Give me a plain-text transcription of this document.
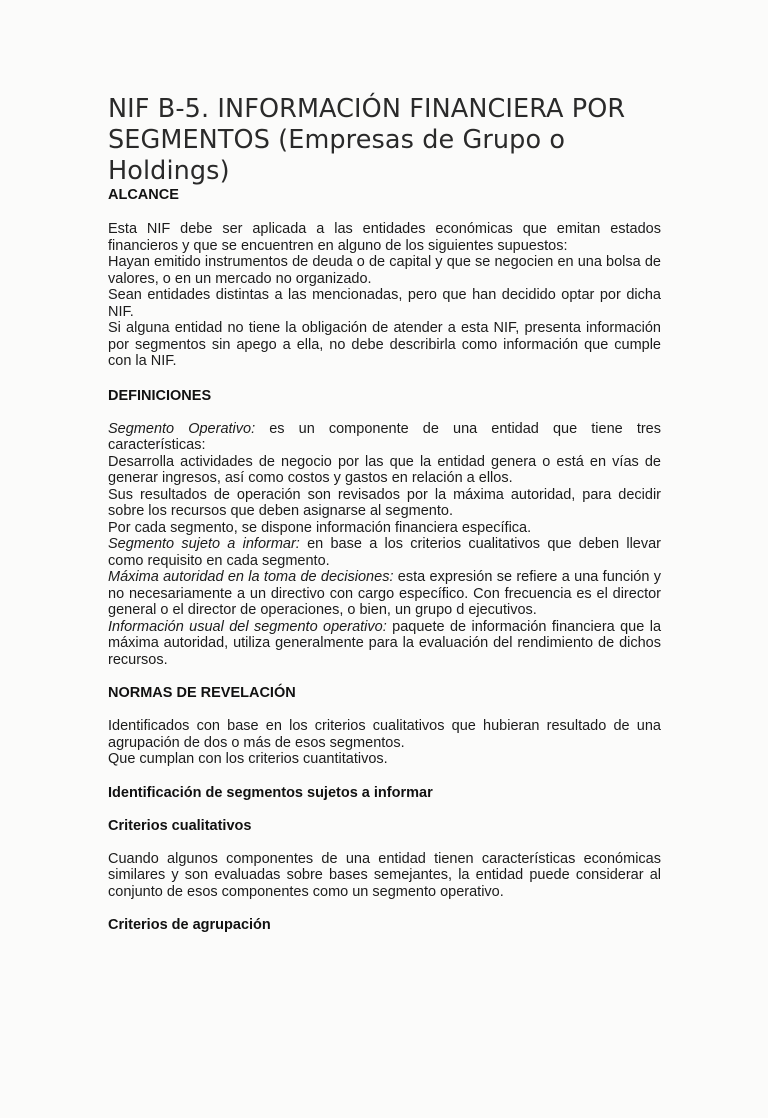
NIF B-5. INFORMACIÓN FINANCIERA POR
SEGMENTOS (Empresas de Grupo o Holdings)
ALCANCE

Esta NIF debe ser aplicada a las entidades económicas que emitan estados financieros y que se encuentren en alguno de los siguientes supuestos:

Hayan emitido instrumentos de deuda o de capital y que se negocien en una bolsa de valores, o en un mercado no organizado.

Sean entidades distintas a las mencionadas, pero que han decidido optar por dicha NIF.

Si alguna entidad no tiene la obligación de atender a esta NIF, presenta información por segmentos sin apego a ella, no debe describirla como información que cumple con la NIF.

DEFINICIONES

Segmento Operativo: es un componente de una entidad que tiene tres características:

Desarrolla actividades de negocio por las que la entidad genera o está en vías de generar ingresos, así como costos y gastos en relación a ellos.

Sus resultados de operación son revisados por la máxima autoridad, para decidir sobre los recursos que deben asignarse al segmento.

Por cada segmento, se dispone información financiera específica.

Segmento sujeto a informar: en base a los criterios cualitativos que deben llevar como requisito en cada segmento.

Máxima autoridad en la toma de decisiones: esta expresión se refiere a una función y no necesariamente a un directivo con cargo específico. Con frecuencia es el director general o el director de operaciones, o bien, un grupo d ejecutivos.

Información usual del segmento operativo: paquete de información financiera que la máxima autoridad, utiliza generalmente para la evaluación del rendimiento de dichos recursos.

NORMAS DE REVELACIÓN

Identificados con base en los criterios cualitativos que hubieran resultado de una agrupación de dos o más de esos segmentos.

Que cumplan con los criterios cuantitativos.

Identificación de segmentos sujetos a informar
Criterios cualitativos

Cuando algunos componentes de una entidad tienen características económicas similares y son evaluadas sobre bases semejantes, la entidad puede considerar al conjunto de esos componentes como un segmento operativo.

Criterios de agrupación
